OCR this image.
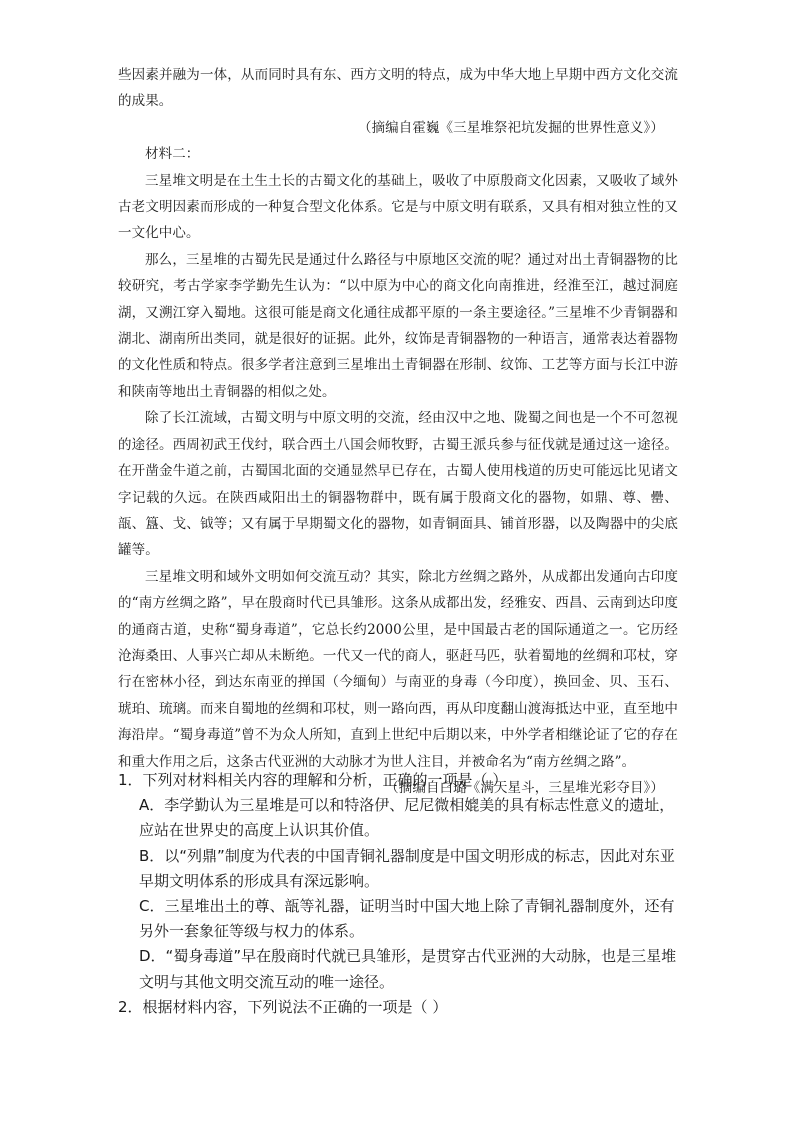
些因素并融为一体，从而同时具有东、西方文明的特点，成为中华大地上早期中西方文化交流的成果。

（摘编自霍巍《三星堆祭祀坑发掘的世界性意义》）

材料二：

三星堆文明是在土生土长的古蜀文化的基础上，吸收了中原殷商文化因素，又吸收了域外古老文明因素而形成的一种复合型文化体系。它是与中原文明有联系，又具有相对独立性的又一文化中心。

那么，三星堆的古蜀先民是通过什么路径与中原地区交流的呢？通过对出土青铜器物的比较研究，考古学家李学勤先生认为：“以中原为中心的商文化向南推进，经淮至江，越过洞庭湖，又溯江穿入蜀地。这很可能是商文化通往成都平原的一条主要途径。”三星堆不少青铜器和湖北、湖南所出类同，就是很好的证据。此外，纹饰是青铜器物的一种语言，通常表达着器物的文化性质和特点。很多学者注意到三星堆出土青铜器在形制、纹饰、工艺等方面与长江中游和陕南等地出土青铜器的相似之处。

除了长江流域，古蜀文明与中原文明的交流，经由汉中之地、陇蜀之间也是一个不可忽视的途径。西周初武王伐纣，联合西土八国会师牧野，古蜀王派兵参与征伐就是通过这一途径。在开凿金牛道之前，古蜀国北面的交通显然早已存在，古蜀人使用栈道的历史可能远比见诸文字记载的久远。在陕西咸阳出土的铜器物群中，既有属于殷商文化的器物，如鼎、尊、罍、瓿、簋、戈、钺等；又有属于早期蜀文化的器物，如青铜面具、铺首形器，以及陶器中的尖底罐等。

三星堆文明和域外文明如何交流互动？其实，除北方丝绸之路外，从成都出发通向古印度的“南方丝绸之路”，早在殷商时代已具雏形。这条从成都出发，经雅安、西昌、云南到达印度的通商古道，史称“蜀身毒道”，它总长约2000公里，是中国最古老的国际通道之一。它历经沧海桑田、人事兴亡却从未断绝。一代又一代的商人，驱赶马匹，驮着蜀地的丝绸和邛杖，穿行在密林小径，到达东南亚的掸国（今缅甸）与南亚的身毒（今印度），换回金、贝、玉石、琥珀、琉璃。而来自蜀地的丝绸和邛杖，则一路向西，再从印度翻山渡海抵达中亚，直至地中海沿岸。“蜀身毒道”曾不为众人所知，直到上世纪中后期以来，中外学者相继论证了它的存在和重大作用之后，这条古代亚洲的大动脉才为世人注目，并被命名为“南方丝绸之路”。

（摘编自白璐《满天星斗，三星堆光彩夺目》）

1．下列对材料相关内容的理解和分析，正确的一项是（ ）

A．李学勤认为三星堆是可以和特洛伊、尼尼微相媲美的具有标志性意义的遗址，应站在世界史的高度上认识其价值。

B．以“列鼎”制度为代表的中国青铜礼器制度是中国文明形成的标志，因此对东亚早期文明体系的形成具有深远影响。

C．三星堆出土的尊、瓿等礼器，证明当时中国大地上除了青铜礼器制度外，还有另外一套象征等级与权力的体系。

D．“蜀身毒道”早在殷商时代就已具雏形，是贯穿古代亚洲的大动脉，也是三星堆文明与其他文明交流互动的唯一途径。

2．根据材料内容，下列说法不正确的一项是（ ）
